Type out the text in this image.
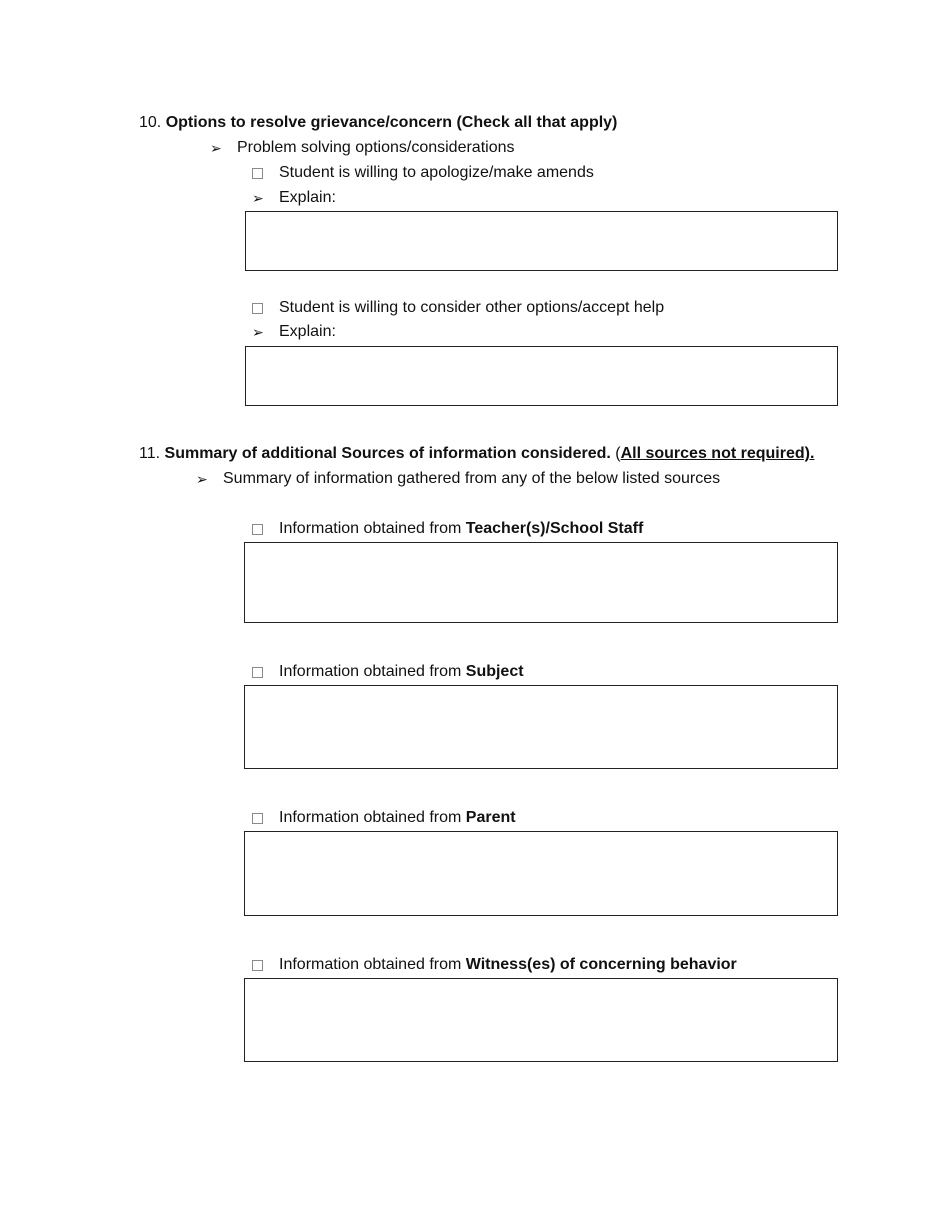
10. Options to resolve grievance/concern (Check all that apply)
➢ Problem solving options/considerations
Student is willing to apologize/make amends
➢ Explain:
Student is willing to consider other options/accept help
➢ Explain:
11. Summary of additional Sources of information considered. (All sources not required).
➢ Summary of information gathered from any of the below listed sources
Information obtained from Teacher(s)/School Staff
Information obtained from Subject
Information obtained from Parent
Information obtained from Witness(es) of concerning behavior
